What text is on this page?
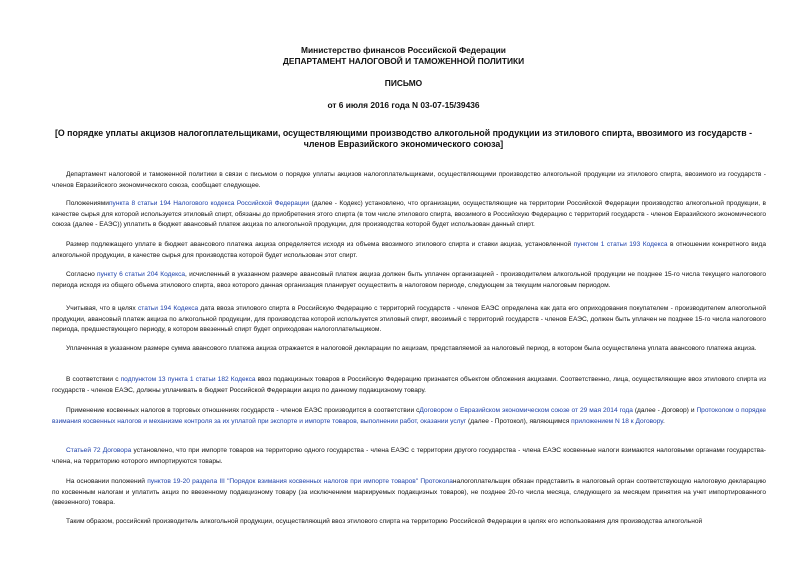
Министерство финансов Российской Федерации
ДЕПАРТАМЕНТ НАЛОГОВОЙ И ТАМОЖЕННОЙ ПОЛИТИКИ
ПИСЬМО
от 6 июля 2016 года N 03-07-15/39436
[О порядке уплаты акцизов налогоплательщиками, осуществляющими производство алкогольной продукции из этилового спирта, ввозимого из государств - членов Евразийского экономического союза]

Департамент налоговой и таможенной политики в связи с письмом о порядке уплаты акцизов налогоплательщиками, осуществляющими производство алкогольной продукции из этилового спирта, ввозимого из государств - членов Евразийского экономического союза, сообщает следующее.

Положениямипункта 8 статьи 194 Налогового кодекса Российской Федерации (далее - Кодекс) установлено, что организации, осуществляющие на территории Российской Федерации производство алкогольной продукции, в качестве сырья для которой используется этиловый спирт, обязаны до приобретения этого спирта (в том числе этилового спирта, ввозимого в Российскую Федерацию с территорий государств - членов Евразийского экономического союза (далее - ЕАЭС)) уплатить в бюджет авансовый платеж акциза по алкогольной продукции, для производства которой будет использован данный спирт.

Размер подлежащего уплате в бюджет авансового платежа акциза определяется исходя из объема ввозимого этилового спирта и ставки акциза, установленной пунктом 1 статьи 193 Кодекса в отношении конкретного вида алкогольной продукции, в качестве сырья для производства которой будет использован этот спирт.

Согласно пункту 6 статьи 204 Кодекса, исчисленный в указанном размере авансовый платеж акциза должен быть уплачен организацией - производителем алкогольной продукции не позднее 15-го числа текущего налогового периода исходя из общего объема этилового спирта, ввоз которого данная организация планирует осуществить в налоговом периоде, следующем за текущим налоговым периодом.

Учитывая, что в целях статьи 194 Кодекса дата ввоза этилового спирта в Российскую Федерацию с территорий государств - членов ЕАЭС определена как дата его оприходования покупателем - производителем алкогольной продукции, авансовый платеж акциза по алкогольной продукции, для производства которой используется этиловый спирт, ввозимый с территорий государств - членов ЕАЭС, должен быть уплачен не позднее 15-го числа налогового периода, предшествующего периоду, в котором ввезенный спирт будет оприходован налогоплательщиком.

Уплаченная в указанном размере сумма авансового платежа акциза отражается в налоговой декларации по акцизам, представляемой за налоговый период, в котором была осуществлена уплата авансового платежа акциза.

В соответствии с подпунктом 13 пункта 1 статьи 182 Кодекса ввоз подакцизных товаров в Российскую Федерацию признается объектом обложения акцизами. Соответственно, лица, осуществляющие ввоз этилового спирта из государств - членов ЕАЭС, должны уплачивать в бюджет Российской Федерации акциз по данному подакцизному товару.

Применение косвенных налогов в торговых отношениях государств - членов ЕАЭС производится в соответствии сДоговором о Евразийском экономическом союзе от 29 мая 2014 года (далее - Договор) и Протоколом о порядке взимания косвенных налогов и механизме контроля за их уплатой при экспорте и импорте товаров, выполнении работ, оказании услуг (далее - Протокол), являющимся приложением N 18 к Договору.

Статьей 72 Договора установлено, что при импорте товаров на территорию одного государства - члена ЕАЭС с территории другого государства - члена ЕАЭС косвенные налоги взимаются налоговыми органами государства-члена, на территорию которого импортируются товары.

На основании положений пунктов 19-20 раздела III "Порядок взимания косвенных налогов при импорте товаров" Протоколаналогоплательщик обязан представить в налоговый орган соответствующую налоговую декларацию по косвенным налогам и уплатить акциз по ввезенному подакцизному товару (за исключением маркируемых подакцизных товаров), не позднее 20-го числа месяца, следующего за месяцем принятия на учет импортированного (ввезенного) товара.

Таким образом, российский производитель алкогольной продукции, осуществляющий ввоз этилового спирта на территорию Российской Федерации в целях его использования для производства алкогольной
